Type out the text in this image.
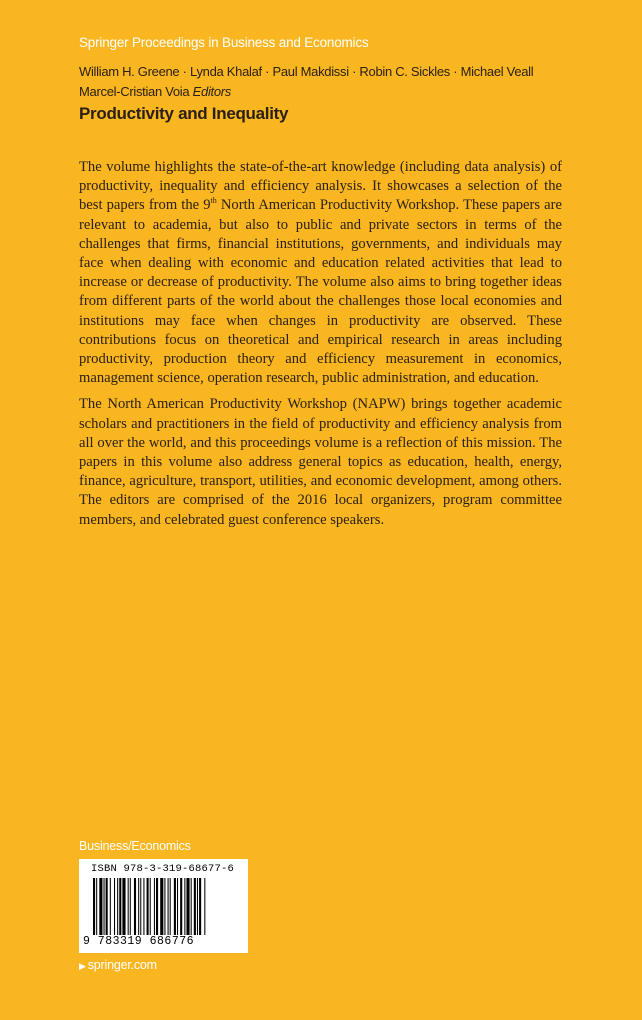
Springer Proceedings in Business and Economics
William H. Greene · Lynda Khalaf · Paul Makdissi · Robin C. Sickles · Michael Veall
Marcel-Cristian Voia Editors
Productivity and Inequality

The volume highlights the state-of-the-art knowledge (including data analysis) of productivity, inequality and efficiency analysis. It showcases a selection of the best papers from the 9th North American Productivity Workshop. These papers are relevant to academia, but also to public and private sectors in terms of the challenges that firms, financial institutions, governments, and individuals may face when dealing with economic and education related activities that lead to increase or decrease of productivity. The volume also aims to bring together ideas from different parts of the world about the challenges those local economies and institutions may face when changes in productivity are observed. These contributions focus on theoretical and empirical research in areas including productivity, production theory and efficiency measurement in economics, management science, operation research, public administration, and education.

The North American Productivity Workshop (NAPW) brings together academic scholars and practitioners in the field of productivity and efficiency analysis from all over the world, and this proceedings volume is a reflection of this mission. The papers in this volume also address general topics as education, health, energy, finance, agriculture, transport, utilities, and economic development, among others. The editors are comprised of the 2016 local organizers, program committee members, and celebrated guest conference speakers.

Business/Economics
ISBN 978-3-319-68677-6
9 783319 686776
▶ springer.com
